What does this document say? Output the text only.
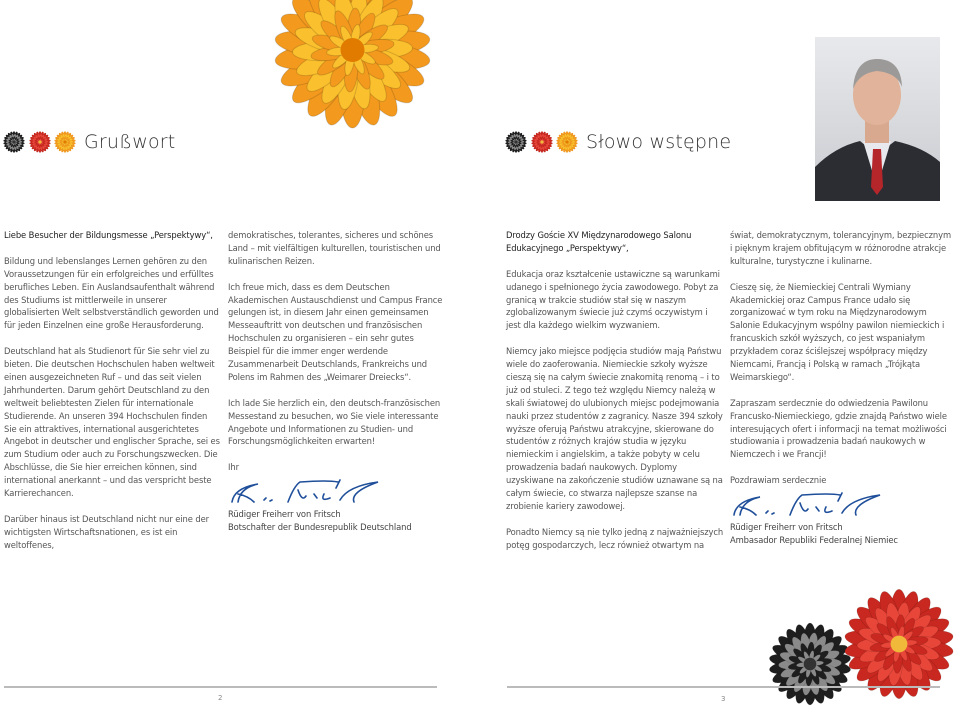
Grußwort	Słowo wstępne

Liebe Besucher der Bildungsmesse „Perspektywy“,

Bildung und lebenslanges Lernen gehören zu den Voraussetzungen für ein erfolgreiches und erfülltes berufliches Leben. Ein Auslandsaufenthalt während des Studiums ist mittlerweile in unserer globalisierten Welt selbstverständlich geworden und für jeden Einzelnen eine große Herausforderung.

Deutschland hat als Studienort für Sie sehr viel zu bieten. Die deutschen Hochschulen haben weltweit einen ausgezeichneten Ruf – und das seit vielen Jahrhunderten. Darum gehört Deutschland zu den weltweit beliebtesten Zielen für internationale Studierende. An unseren 394 Hochschulen finden Sie ein attraktives, international ausgerichtetes Angebot in deutscher und englischer Sprache, sei es zum Studium oder auch zu Forschungszwecken. Die Abschlüsse, die Sie hier erreichen können, sind international anerkannt – und das verspricht beste Karrierechancen.

Darüber hinaus ist Deutschland nicht nur eine der wichtigsten Wirtschaftsnationen, es ist ein weltoffenes,

demokratisches, tolerantes, sicheres und schönes Land – mit vielfältigen kulturellen, touristischen und kulinarischen Reizen.

Ich freue mich, dass es dem Deutschen Akademischen Austauschdienst und Campus France gelungen ist, in diesem Jahr einen gemeinsamen Messeauftritt von deutschen und französischen Hochschulen zu organisieren – ein sehr gutes Beispiel für die immer enger werdende Zusammenarbeit Deutschlands, Frankreichs und Polens im Rahmen des „Weimarer Dreiecks“.

Ich lade Sie herzlich ein, den deutsch-französischen Messestand zu besuchen, wo Sie viele interessante Angebote und Informationen zu Studien- und Forschungsmöglichkeiten erwarten!

Ihr

Rüdiger Freiherr von Fritsch
Botschafter der Bundesrepublik Deutschland

Drodzy Goście XV Międzynarodowego Salonu Edukacyjnego „Perspektywy“,

Edukacja oraz kształcenie ustawiczne są warunkami udanego i spełnionego życia zawodowego. Pobyt za granicą w trakcie studiów stał się w naszym zglobalizowanym świecie już czymś oczywistym i jest dla każdego wielkim wyzwaniem.

Niemcy jako miejsce podjęcia studiów mają Państwu wiele do zaoferowania. Niemieckie szkoły wyższe cieszą się na całym świecie znakomitą renomą – i to już od stuleci. Z tego też względu Niemcy należą w skali światowej do ulubionych miejsc podejmowania nauki przez studentów z zagranicy. Nasze 394 szkoły wyższe oferują Państwu atrakcyjne, skierowane do studentów z różnych krajów studia w języku niemieckim i angielskim, a także pobyty w celu prowadzenia badań naukowych. Dyplomy uzyskiwane na zakończenie studiów uznawane są na całym świecie, co stwarza najlepsze szanse na zrobienie kariery zawodowej.

Ponadto Niemcy są nie tylko jedną z najważniejszych potęg gospodarczych, lecz również otwartym na

świat, demokratycznym, tolerancyjnym, bezpiecznym i pięknym krajem obfitującym w różnorodne atrakcje kulturalne, turystyczne i kulinarne.

Cieszę się, że Niemieckiej Centrali Wymiany Akademickiej oraz Campus France udało się zorganizować w tym roku na Międzynarodowym Salonie Edukacyjnym wspólny pawilon niemieckich i francuskich szkół wyższych, co jest wspaniałym przykładem coraz ściślejszej współpracy między Niemcami, Francją i Polską w ramach „Trójkąta Weimarskiego“.

Zapraszam serdecznie do odwiedzenia Pawilonu Francusko-Niemieckiego, gdzie znajdą Państwo wiele interesujących ofert i informacji na temat możliwości studiowania i prowadzenia badań naukowych w Niemczech i we Francji!

Pozdrawiam serdecznie

Rüdiger Freiherr von Fritsch
Ambasador Republiki Federalnej Niemiec
2	3
